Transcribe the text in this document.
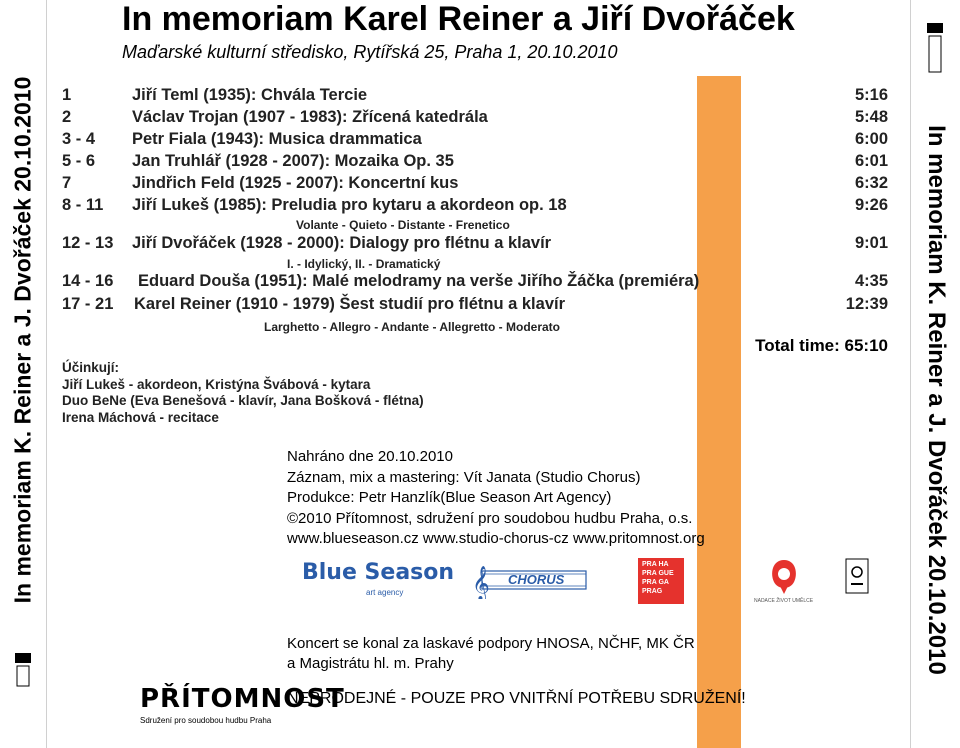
In memoriam K. Reiner a J. Dvořáček 20.10.2010	In memoriam K. Reiner a J. Dvořáček 20.10.2010
In memoriam Karel Reiner a Jiří Dvořáček
Maďarské kulturní středisko, Rytířská 25, Praha 1, 20.10.2010
1	Jiří Teml (1935): Chvála Tercie	5:16
2	Václav Trojan (1907 - 1983): Zřícená katedrála	5:48
3 - 4 Petr Fiala (1943): Musica drammatica	6:00
5 - 6 Jan Truhlář (1928 - 2007): Mozaika Op. 35	6:01
7	Jindřich Feld (1925 - 2007): Koncertní kus	6:32
8 - 11 Jiří Lukeš (1985): Preludia pro kytaru a akordeon op. 18	9:26
Volante - Quieto - Distante - Frenetico
12 - 13 Jiří Dvořáček (1928 - 2000): Dialogy pro flétnu a klavír	9:01
I. - Idylický, II. - Dramatický
14 - 16 Eduard Douša (1951): Malé melodramy na verše Jiřího Žáčka (premiéra)	4:35
17 - 21 Karel Reiner (1910 - 1979) Šest studií pro flétnu a klavír	12:39
Larghetto - Allegro - Andante - Allegretto - Moderato
Total time: 65:10
Účinkují:
Jiří Lukeš - akordeon, Kristýna Švábová - kytara
Duo BeNe (Eva Benešová - klavír, Jana Bošková - flétna)
Irena Máchová - recitace
Nahráno dne 20.10.2010
Záznam, mix a mastering: Vít Janata (Studio Chorus)
Produkce: Petr Hanzlík(Blue Season Art Agency)
©2010 Přítomnost, sdružení pro soudobou hudbu Praha, o.s.
www.blueseason.cz www.studio-chorus-cz www.pritomnost.org
Blue Season
art agency 𝄞 CHORUS
PRA HA
PRA GUE
PRA GA
PRAG
NADACE ŽIVOT UMĚLCE
Koncert se konal za laskavé podpory HNOSA, NČHF, MK ČR
a Magistrátu hl. m. Prahy
NEPRODEJNÉ - POUZE PRO VNITŘNÍ POTŘEBU SDRUŽENÍ!
PŘÍTOMNOST
Sdružení pro soudobou hudbu Praha
